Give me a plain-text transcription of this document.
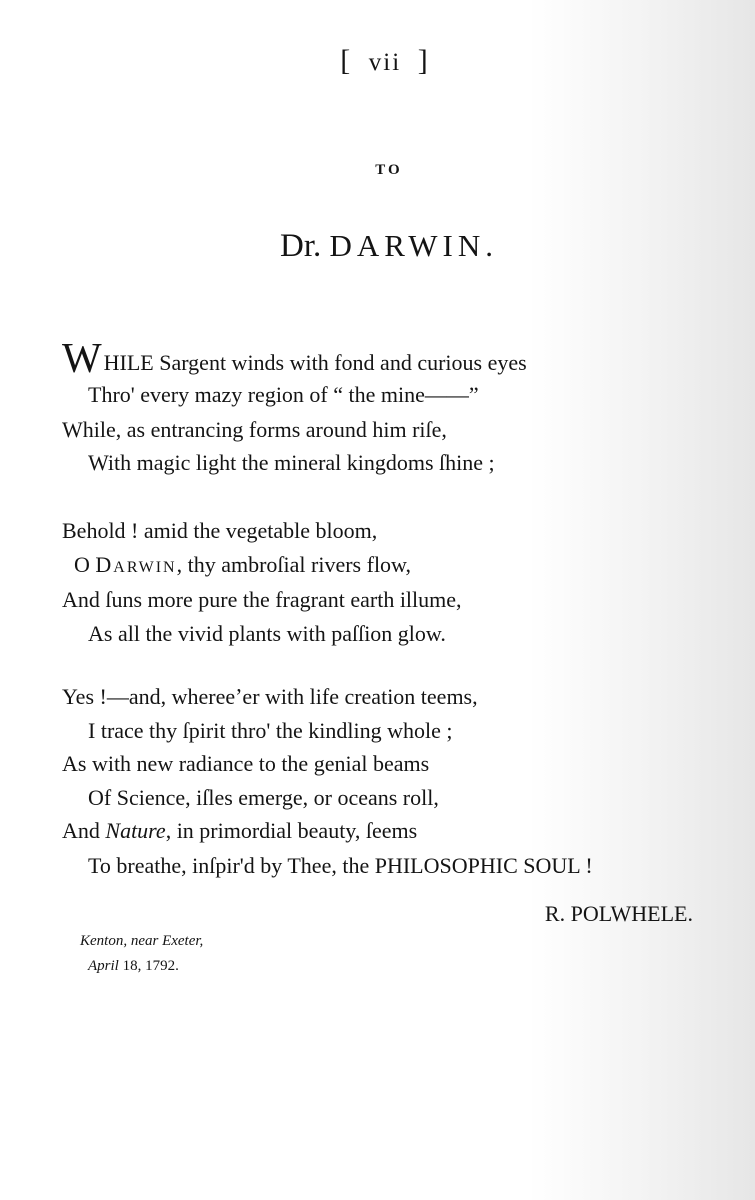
[ vii ]
TO
Dr. DARWIN.
WHILE Sargent winds with fond and curious eyes
Thro' every mazy region of “ the mine——”
While, as entrancing forms around him riſe,
With magic light the mineral kingdoms ſhine ;
Behold ! amid the vegetable bloom,
O DARWIN, thy ambroſial rivers flow,
And ſuns more pure the fragrant earth illume,
As all the vivid plants with paſſion glow.
Yes !—and, whereeʼer with life creation teems,
I trace thy ſpirit thro' the kindling whole ;
As with new radiance to the genial beams
Of Science, iſles emerge, or oceans roll,
And Nature, in primordial beauty, ſeems
To breathe, inſpir'd by Thee, the PHILOSOPHIC SOUL !
R. POLWHELE.
Kenton, near Exeter,
April 18, 1792.
